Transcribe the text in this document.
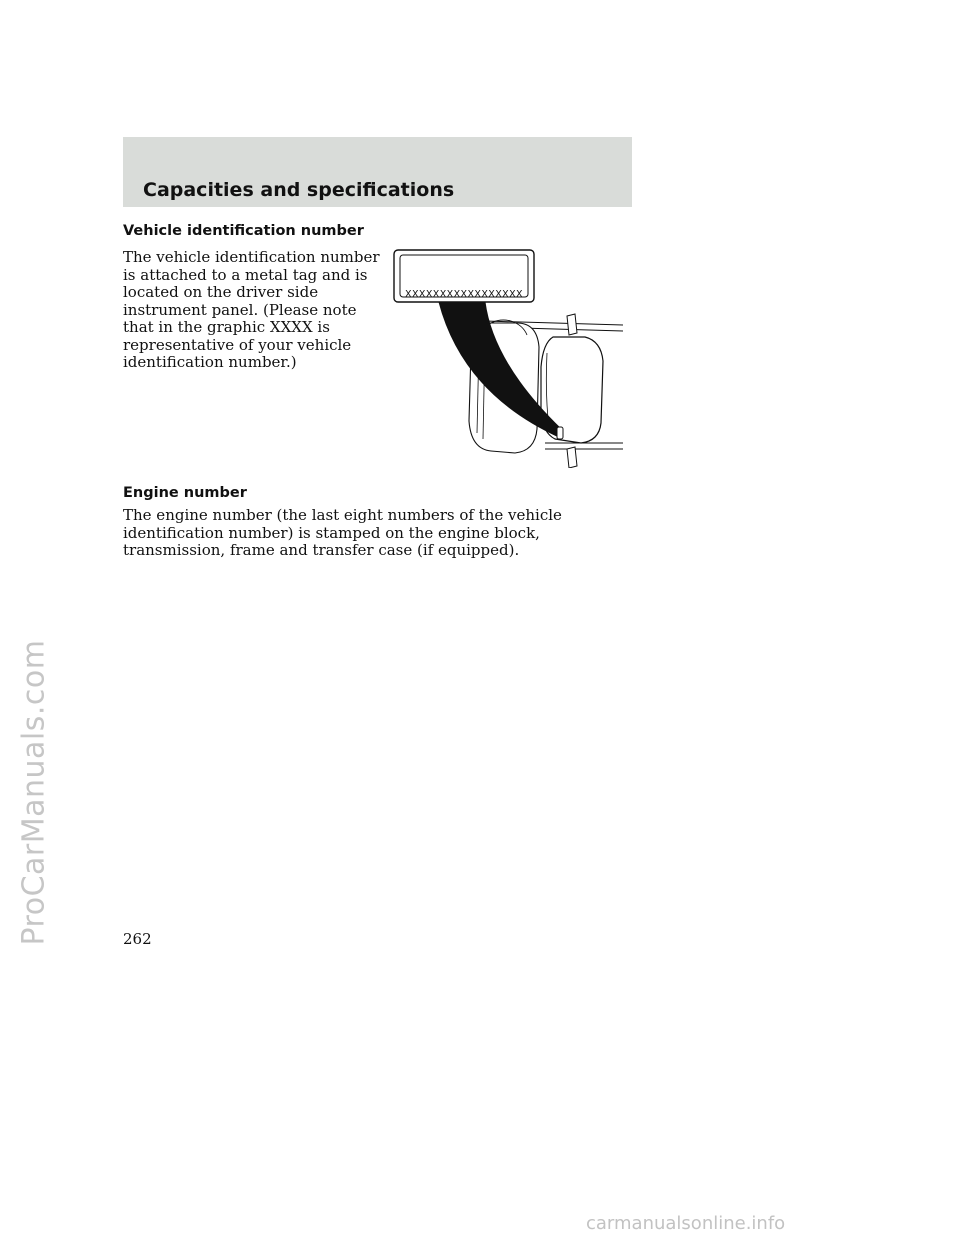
ProCarManuals.com
Capacities and specifications
Vehicle identification number

The vehicle identification number is attached to a metal tag and is located on the driver side instrument panel. (Please note that in the graphic XXXX is representative of your vehicle identification number.)

XXXXXXXXXXXXXXXXX
Engine number

The engine number (the last eight numbers of the vehicle identification number) is stamped on the engine block, transmission, frame and transfer case (if equipped).

262

carmanualsonline.info
